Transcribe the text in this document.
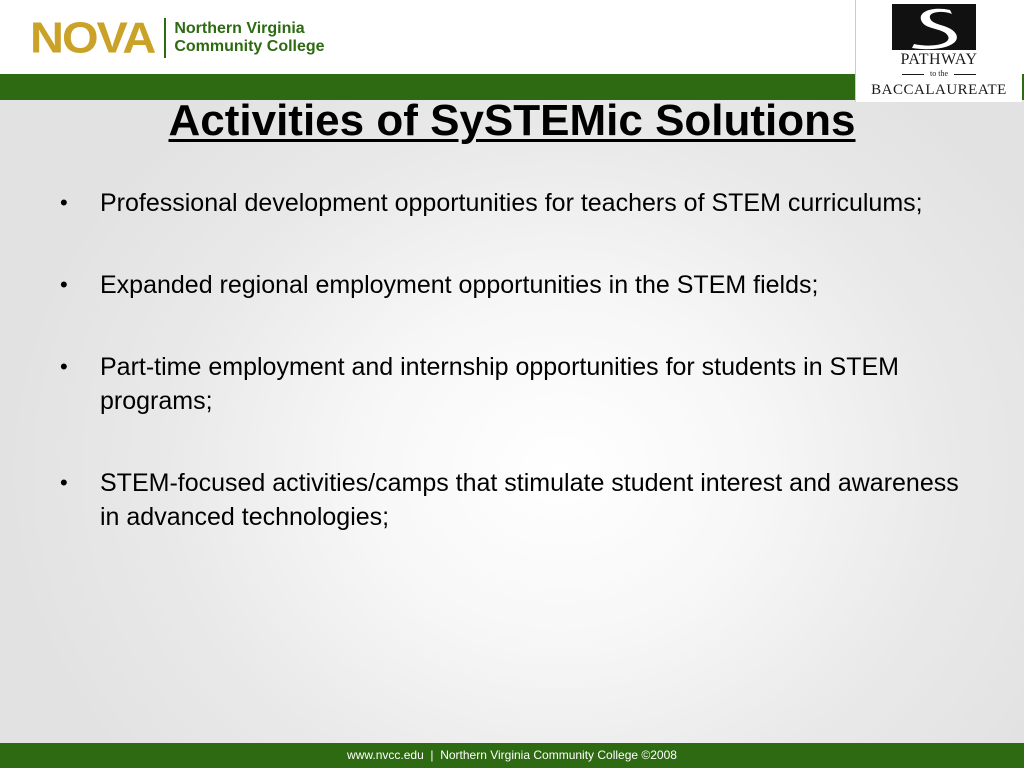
NOVA Northern Virginia
Community College
PATHWAY
to the
BACCALAUREATE
Activities of SySTEMic Solutions
• Professional development opportunities for teachers of STEM curriculums;
• Expanded regional employment opportunities in the STEM fields;
• Part-time employment and internship opportunities for students in STEM programs;
• STEM-focused activities/camps that stimulate student interest and awareness in advanced technologies;
www.nvcc.edu  |  Northern Virginia Community College ©2008
